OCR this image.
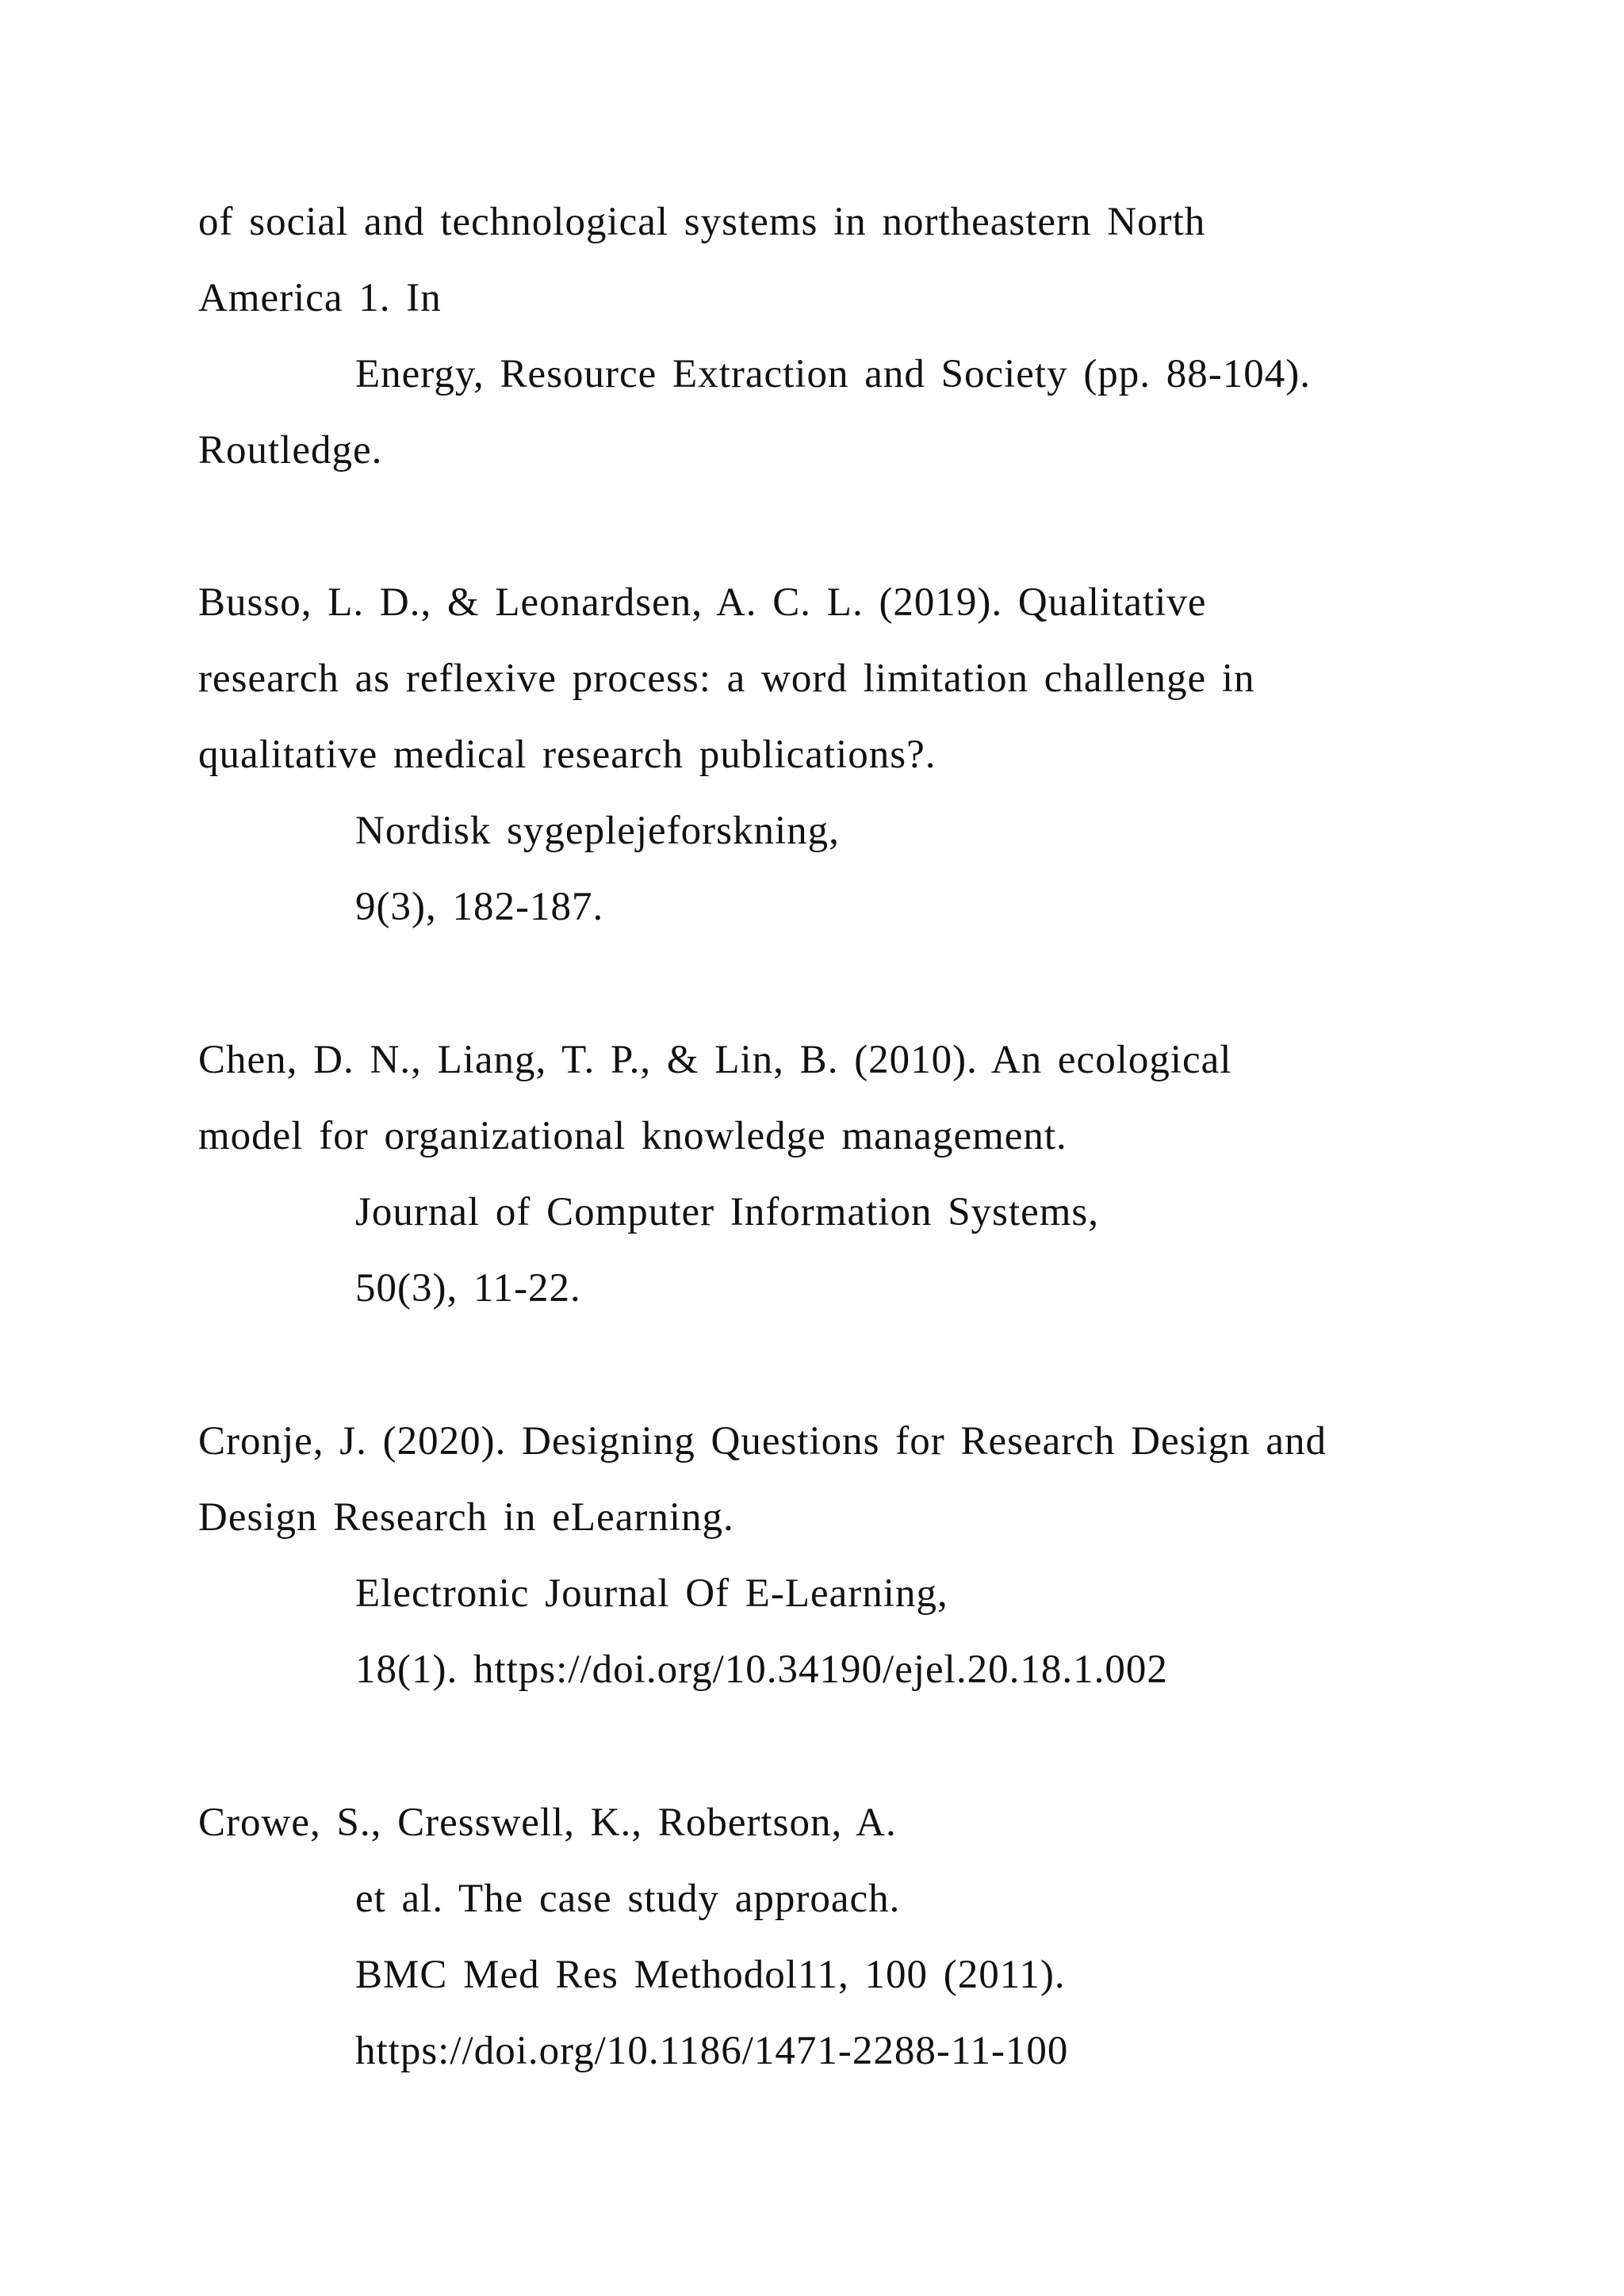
of social and technological systems in northeastern North
America 1. In
Energy, Resource Extraction and Society (pp. 88-104).
Routledge.
Busso, L. D., & Leonardsen, A. C. L. (2019). Qualitative
research as reflexive process: a word limitation challenge in
qualitative medical research publications?.
Nordisk sygeplejeforskning,
9(3), 182-187.
Chen, D. N., Liang, T. P., & Lin, B. (2010). An ecological
model for organizational knowledge management.
Journal of Computer Information Systems,
50(3), 11-22.
Cronje, J. (2020). Designing Questions for Research Design and
Design Research in eLearning.
Electronic Journal Of E-Learning,
18(1). https://doi.org/10.34190/ejel.20.18.1.002
Crowe, S., Cresswell, K., Robertson, A.
et al. The case study approach.
BMC Med Res Methodol11, 100 (2011).
https://doi.org/10.1186/1471-2288-11-100
